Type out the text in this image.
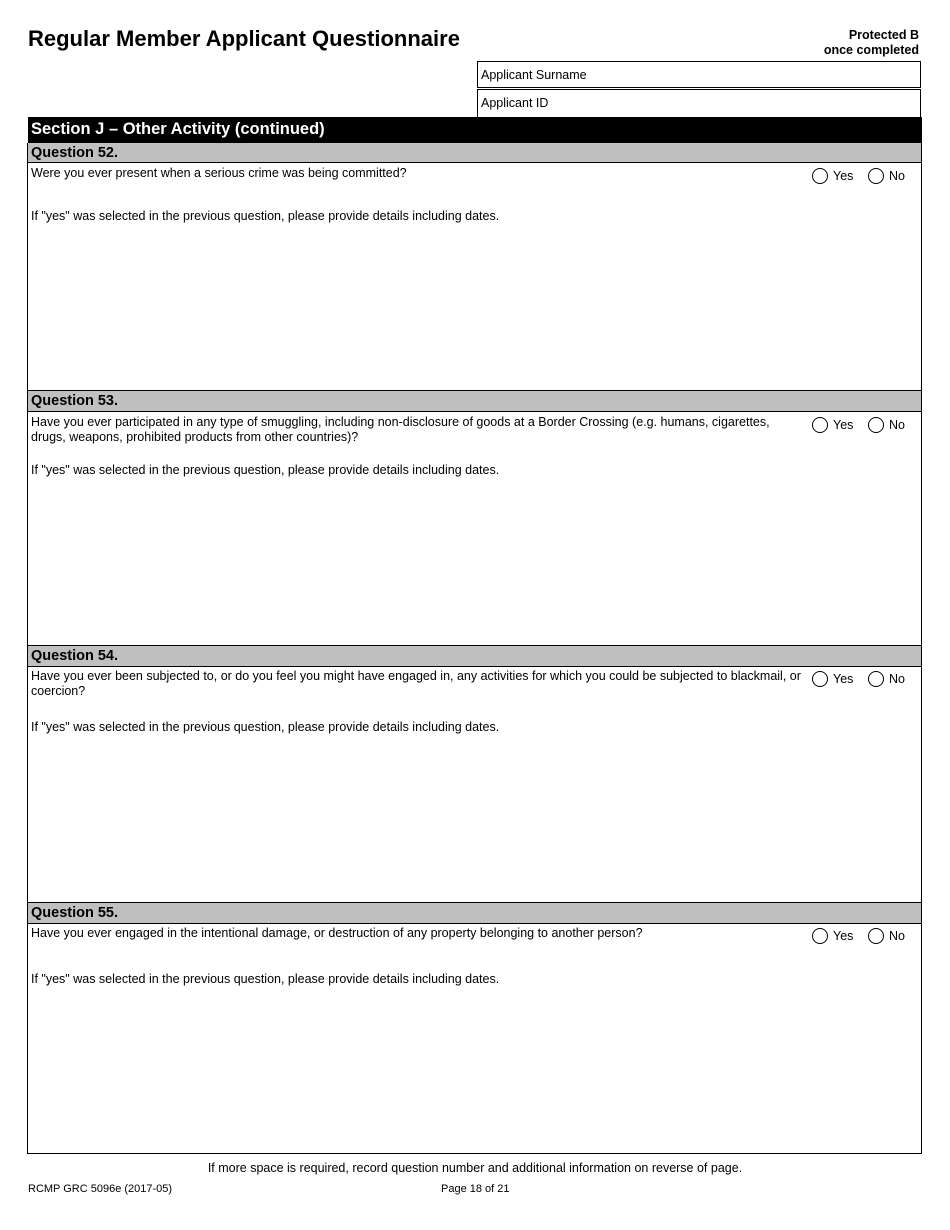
Regular Member Applicant Questionnaire	Protected B
once completed
Applicant Surname
Applicant ID
Section J – Other Activity (continued)
Question 52.
Were you ever present when a serious crime was being committed?	Yes	No
If "yes" was selected in the previous question, please provide details including dates.
Question 53.
Have you ever participated in any type of smuggling, including non-disclosure of goods at a Border Crossing (e.g. humans, cigarettes, drugs, weapons, prohibited products from other countries)?
Yes	No
If "yes" was selected in the previous question, please provide details including dates.
Question 54.
Have you ever been subjected to, or do you feel you might have engaged in, any activities for which you could be subjected to blackmail, or coercion?
Yes	No
If "yes" was selected in the previous question, please provide details including dates.
Question 55.
Have you ever engaged in the intentional damage, or destruction of any property belonging to another person?	Yes	No
If "yes" was selected in the previous question, please provide details including dates.
If more space is required, record question number and additional information on reverse of page.
RCMP GRC 5096e (2017-05)	Page 18 of 21
